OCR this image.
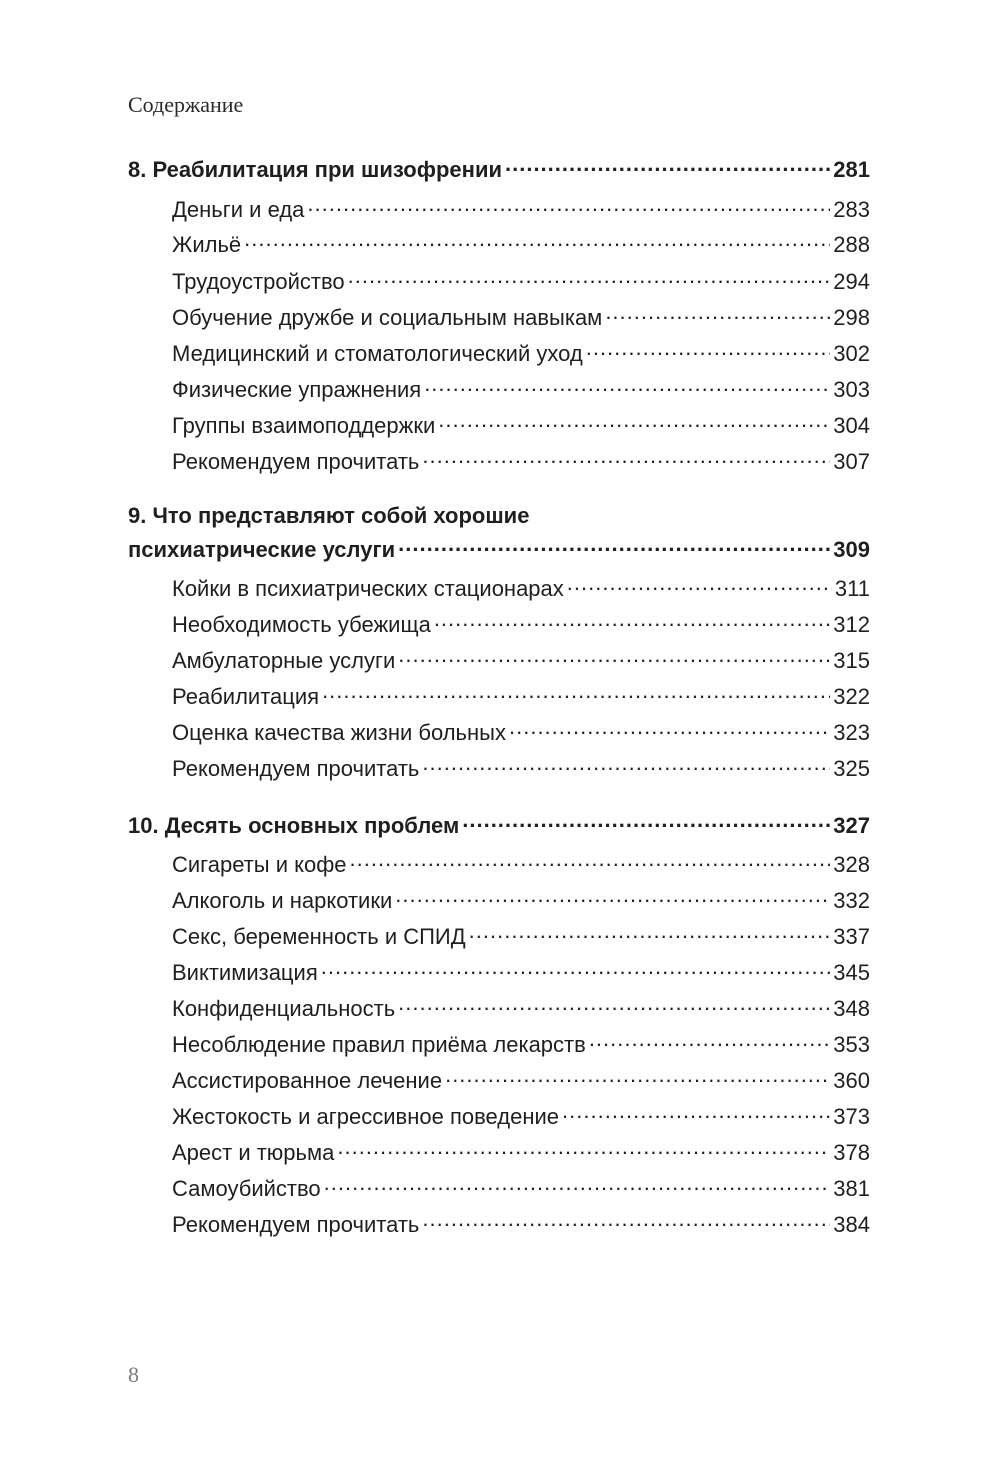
Содержание
8. Реабилитация при шизофрении .....	281
Деньги и еда .....	283
Жильё .....	288
Трудоустройство .....	294
Обучение дружбе и социальным навыкам .....	298
Медицинский и стоматологический уход .....	302
Физические упражнения .....	303
Группы взаимоподдержки .....	304
Рекомендуем прочитать .....	307
9. Что представляют собой хорошие
психиатрические услуги .....	309
Койки в психиатрических стационарах .....	311
Необходимость убежища .....	312
Амбулаторные услуги .....	315
Реабилитация .....	322
Оценка качества жизни больных .....	323
Рекомендуем прочитать .....	325
10. Десять основных проблем .....	327
Сигареты и кофе .....	328
Алкоголь и наркотики .....	332
Секс, беременность и СПИД .....	337
Виктимизация .....	345
Конфиденциальность .....	348
Несоблюдение правил приёма лекарств .....	353
Ассистированное лечение .....	360
Жестокость и агрессивное поведение .....	373
Арест и тюрьма .....	378
Самоубийство .....	381
Рекомендуем прочитать .....	384
8
